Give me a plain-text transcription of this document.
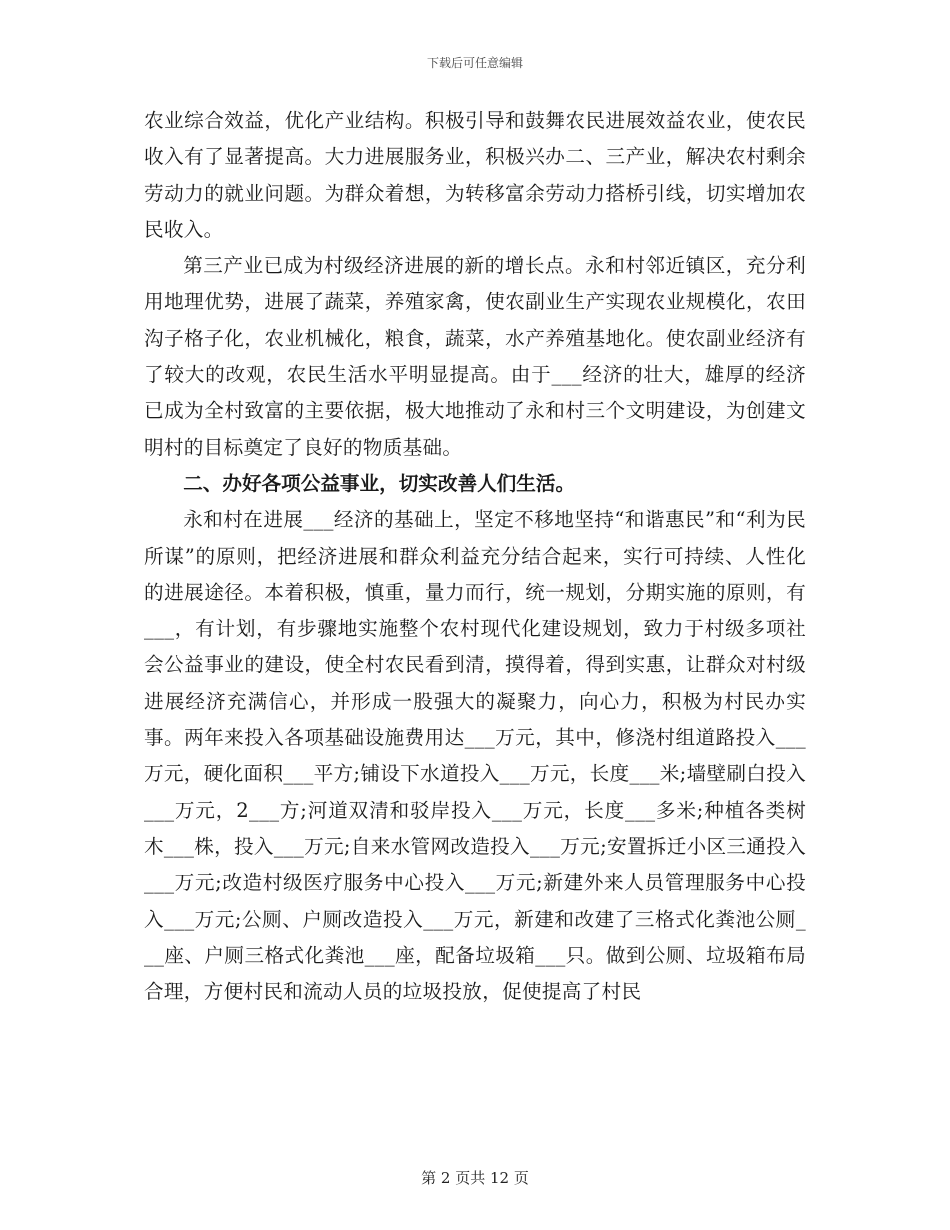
下载后可任意编辑

农业综合效益，优化产业结构。积极引导和鼓舞农民进展效益农业，使农民收入有了显著提高。大力进展服务业，积极兴办二、三产业，解决农村剩余劳动力的就业问题。为群众着想，为转移富余劳动力搭桥引线，切实增加农民收入。

第三产业已成为村级经济进展的新的增长点。永和村邻近镇区，充分利用地理优势，进展了蔬菜，养殖家禽，使农副业生产实现农业规模化，农田沟子格子化，农业机械化，粮食，蔬菜，水产养殖基地化。使农副业经济有了较大的改观，农民生活水平明显提高。由于___经济的壮大，雄厚的经济已成为全村致富的主要依据，极大地推动了永和村三个文明建设，为创建文明村的目标奠定了良好的物质基础。

二、办好各项公益事业，切实改善人们生活。

永和村在进展___经济的基础上，坚定不移地坚持“和谐惠民”和“利为民所谋”的原则，把经济进展和群众利益充分结合起来，实行可持续、人性化的进展途径。本着积极，慎重，量力而行，统一规划，分期实施的原则，有___，有计划，有步骤地实施整个农村现代化建设规划，致力于村级多项社会公益事业的建设，使全村农民看到清，摸得着，得到实惠，让群众对村级进展经济充满信心，并形成一股强大的凝聚力，向心力，积极为村民办实事。两年来投入各项基础设施费用达___万元，其中，修浇村组道路投入___万元，硬化面积___平方;铺设下水道投入___万元，长度___米;墙壁刷白投入___万元，2___方;河道双清和驳岸投入___万元，长度___多米;种植各类树木___株，投入___万元;自来水管网改造投入___万元;安置拆迁小区三通投入___万元;改造村级医疗服务中心投入___万元;新建外来人员管理服务中心投入___万元;公厕、户厕改造投入___万元，新建和改建了三格式化粪池公厕___座、户厕三格式化粪池___座，配备垃圾箱___只。做到公厕、垃圾箱布局合理，方便村民和流动人员的垃圾投放，促使提高了村民

第 2 页共 12 页
